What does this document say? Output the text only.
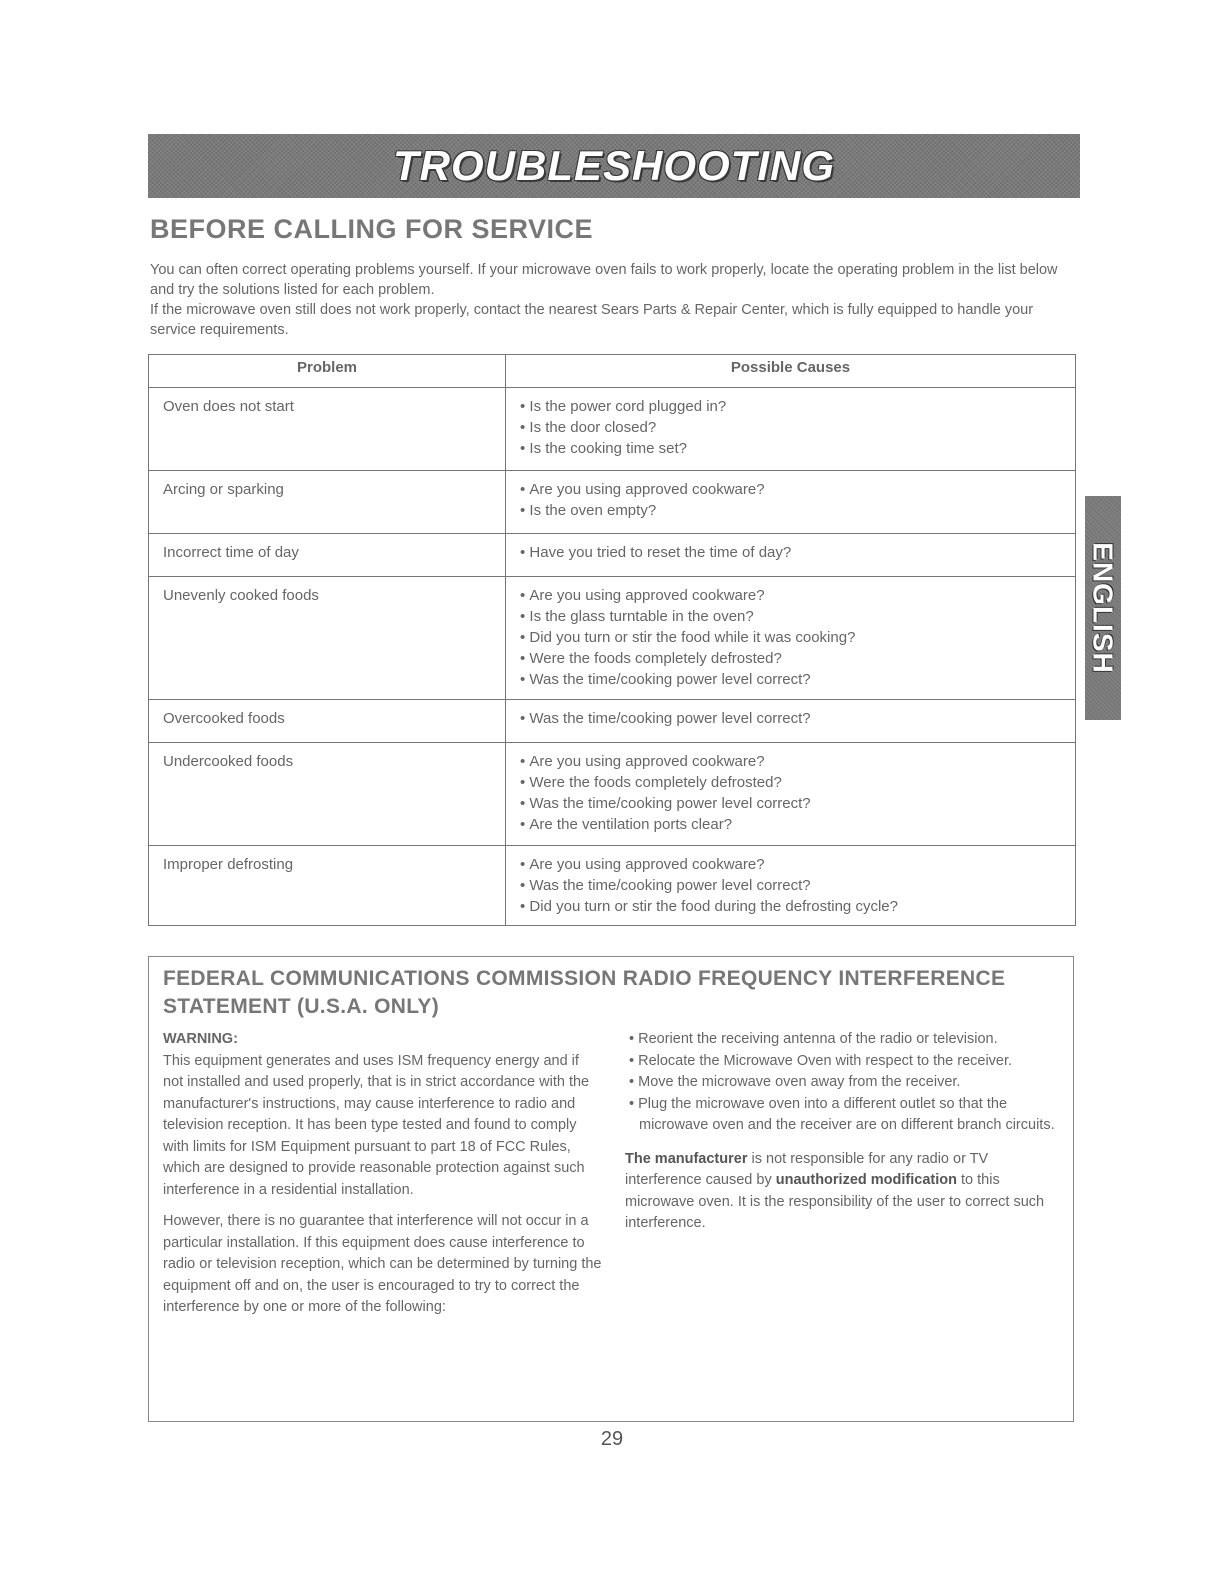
TROUBLESHOOTING
BEFORE CALLING FOR SERVICE

You can often correct operating problems yourself. If your microwave oven fails to work properly, locate the operating problem in the list below and try the solutions listed for each problem.

If the microwave oven still does not work properly, contact the nearest Sears Parts & Repair Center, which is fully equipped to handle your service requirements.

Problem	Possible Causes
Oven does not start	• Is the power cord plugged in?
• Is the door closed?
• Is the cooking time set?

Arcing or sparking	• Are you using approved cookware?
• Is the oven empty?

Incorrect time of day	• Have you tried to reset the time of day?

Unevenly cooked foods	• Are you using approved cookware?
• Is the glass turntable in the oven?
• Did you turn or stir the food while it was cooking?
• Were the foods completely defrosted?
• Was the time/cooking power level correct?

Overcooked foods	• Was the time/cooking power level correct?

Undercooked foods	• Are you using approved cookware?
• Were the foods completely defrosted?
• Was the time/cooking power level correct?
• Are the ventilation ports clear?

Improper defrosting	• Are you using approved cookware?
• Was the time/cooking power level correct?
• Did you turn or stir the food during the defrosting cycle?
FEDERAL COMMUNICATIONS COMMISSION RADIO FREQUENCY INTERFERENCE
STATEMENT (U.S.A. ONLY)
WARNING:

This equipment generates and uses ISM frequency energy and if not installed and used properly, that is in strict accordance with the manufacturer's instructions, may cause interference to radio and television reception. It has been type tested and found to comply with limits for ISM Equipment pursuant to part 18 of FCC Rules, which are designed to provide reasonable protection against such interference in a residential installation.

However, there is no guarantee that interference will not occur in a particular installation. If this equipment does cause interference to radio or television reception, which can be determined by turning the equipment off and on, the user is encouraged to try to correct the interference by one or more of the following:

• Reorient the receiving antenna of the radio or television.
• Relocate the Microwave Oven with respect to the receiver.
• Move the microwave oven away from the receiver.
• Plug the microwave oven into a different outlet so that the microwave oven and the receiver are on different branch circuits.
The manufacturer is not responsible for any radio or TV interference caused by unauthorized modification to this microwave oven. It is the responsibility of the user to correct such interference.
29
ENGLISH
